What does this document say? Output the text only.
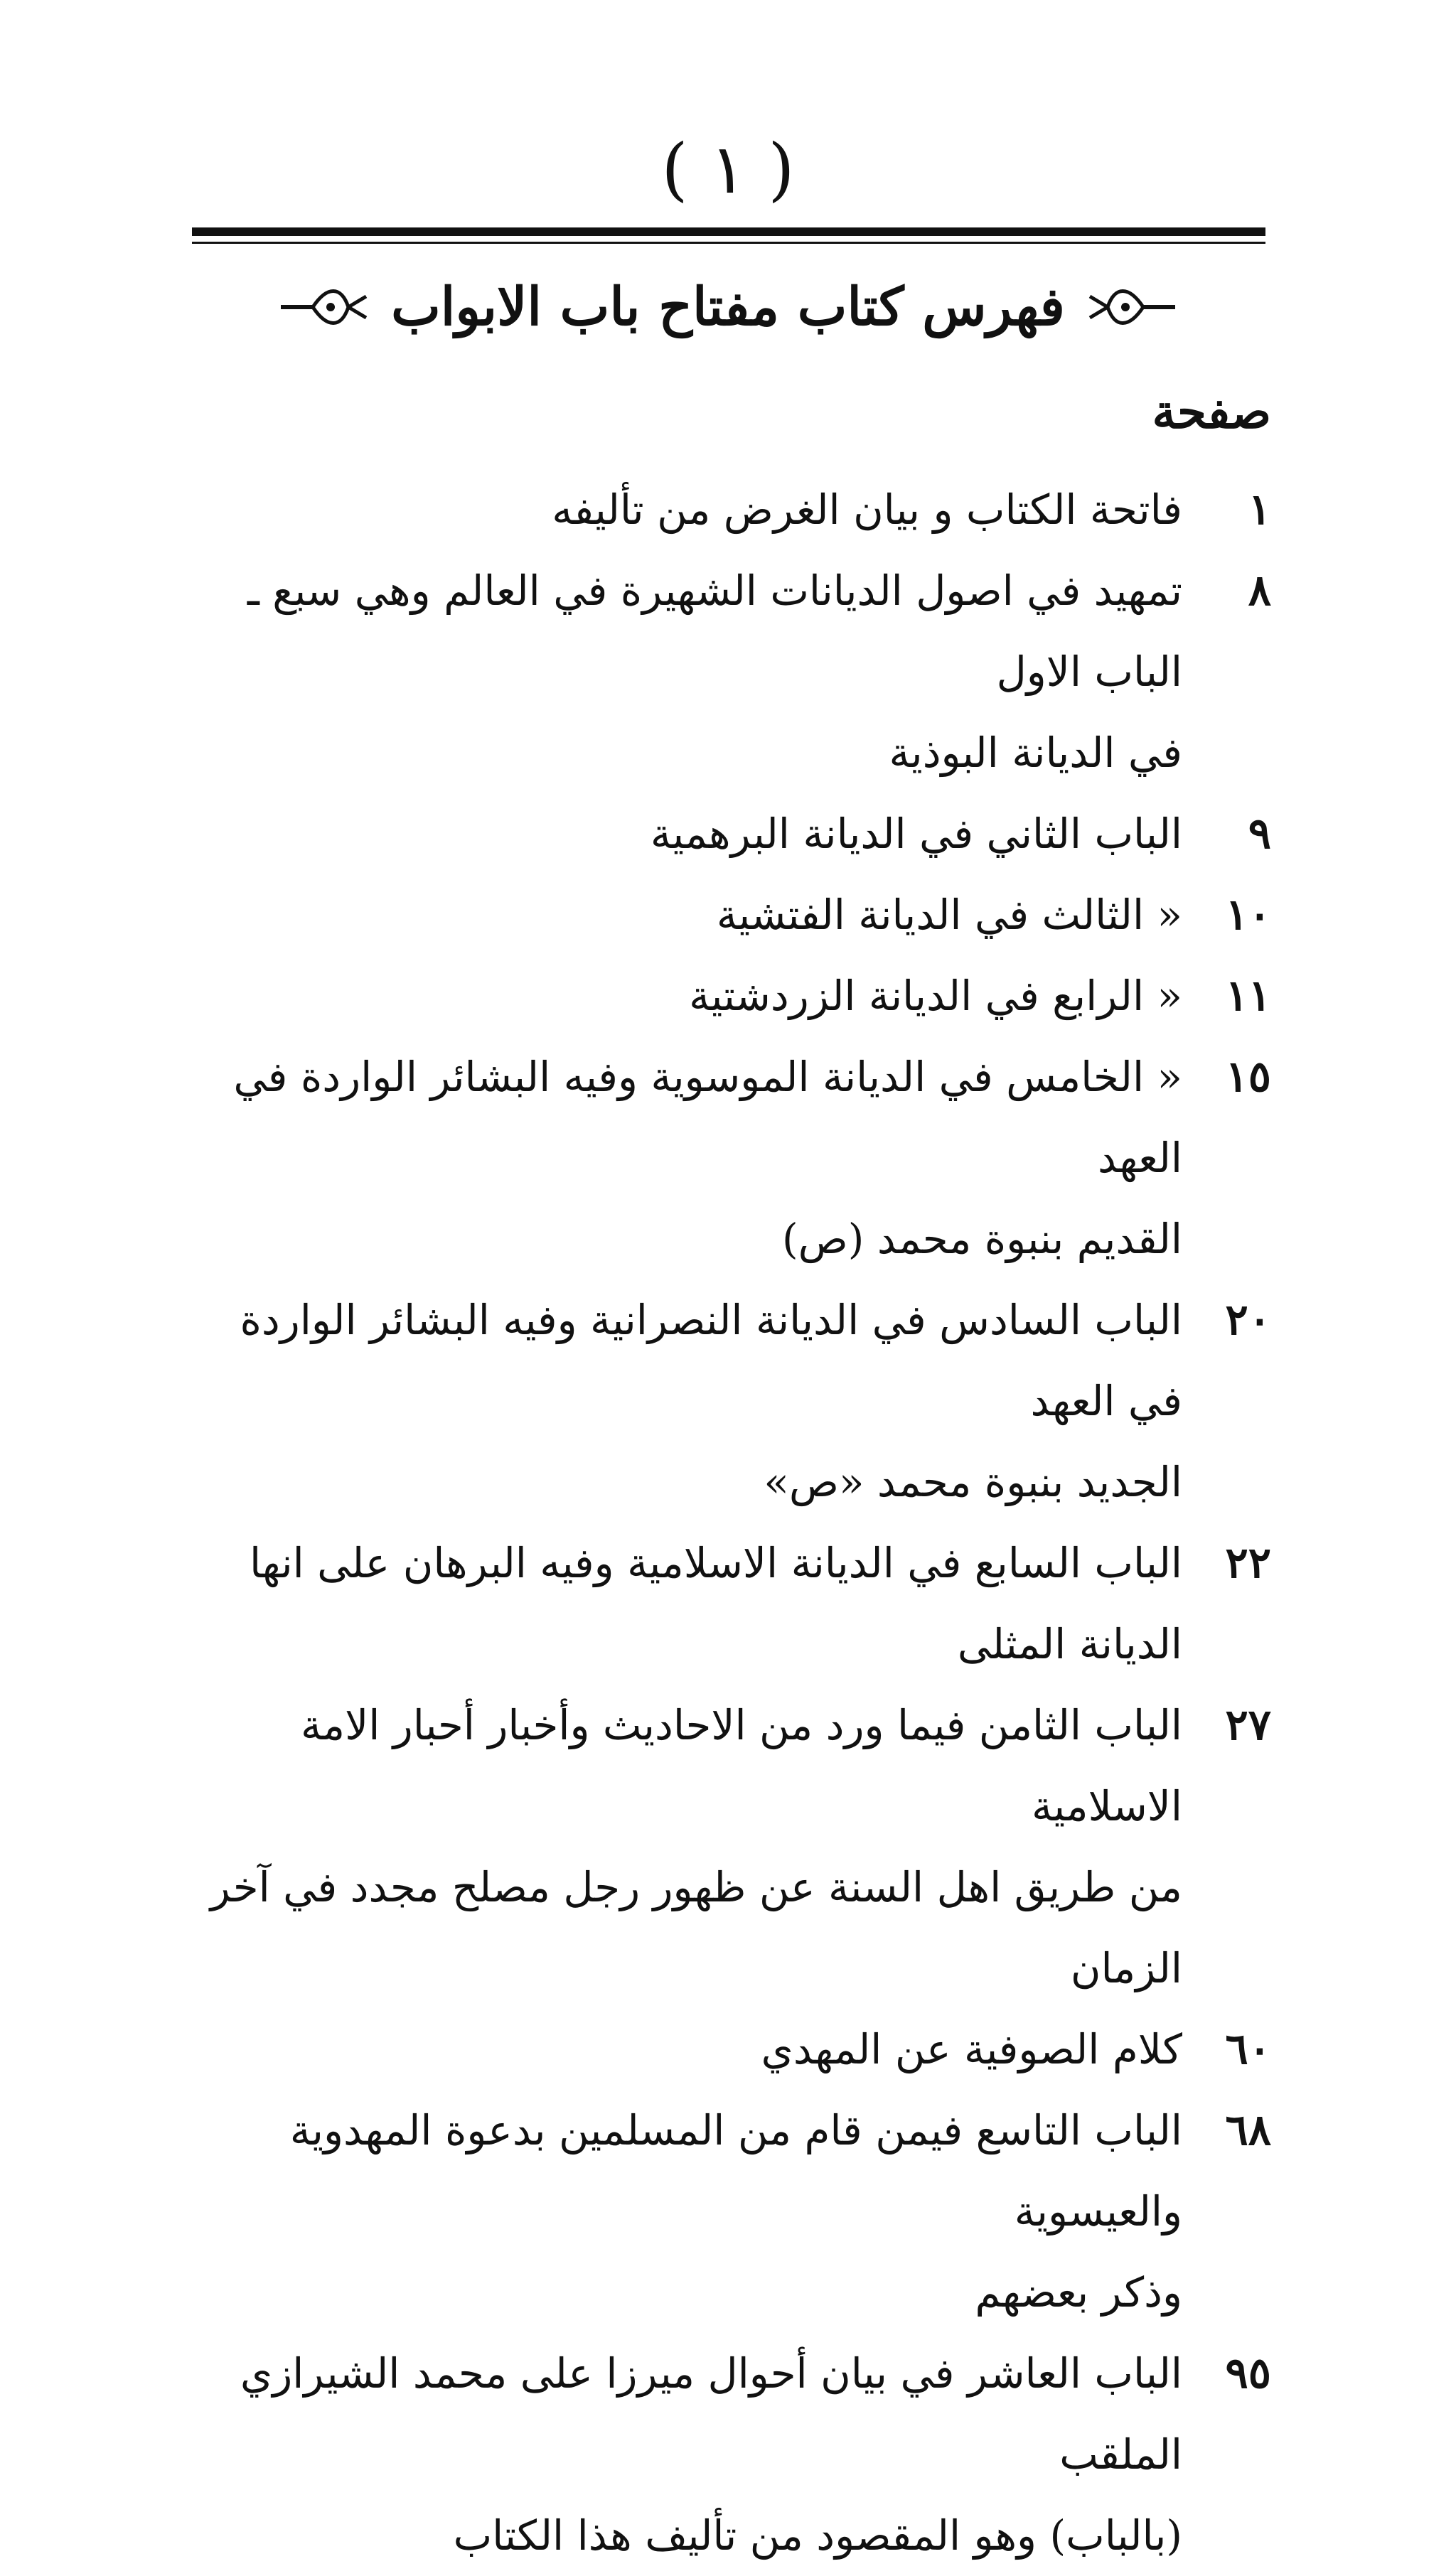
( ١ )
فهرس كتاب مفتاح باب الابواب
صفحة
١
فاتحة الكتاب و بيان الغرض من تأليفه
٨
تمهيد في اصول الديانات الشهيرة في العالم وهي سبع ـ الباب الاول
في الديانة البوذية
٩
الباب الثاني في الديانة البرهمية
١٠
« الثالث في الديانة الفتشية
١١
« الرابع في الديانة الزردشتية
١٥
« الخامس في الديانة الموسوية وفيه البشائر الواردة في العهد
القديم بنبوة محمد (ص)
٢٠
الباب السادس في الديانة النصرانية وفيه البشائر الواردة في العهد
الجديد بنبوة محمد «ص»
٢٢
الباب السابع في الديانة الاسلامية وفيه البرهان على انها الديانة المثلى
٢٧
الباب الثامن فيما ورد من الاحاديث وأخبار أحبار الامة الاسلامية
من طريق اهل السنة عن ظهور رجل مصلح مجدد في آخر الزمان
٦٠
كلام الصوفية عن المهدي
٦٨
الباب التاسع فيمن قام من المسلمين بدعوة المهدوية والعيسوية
وذكر بعضهم
٩٥
الباب العاشر في بيان أحوال ميرزا على محمد الشيرازي الملقب
(بالباب) وهو المقصود من تأليف هذا الكتاب
